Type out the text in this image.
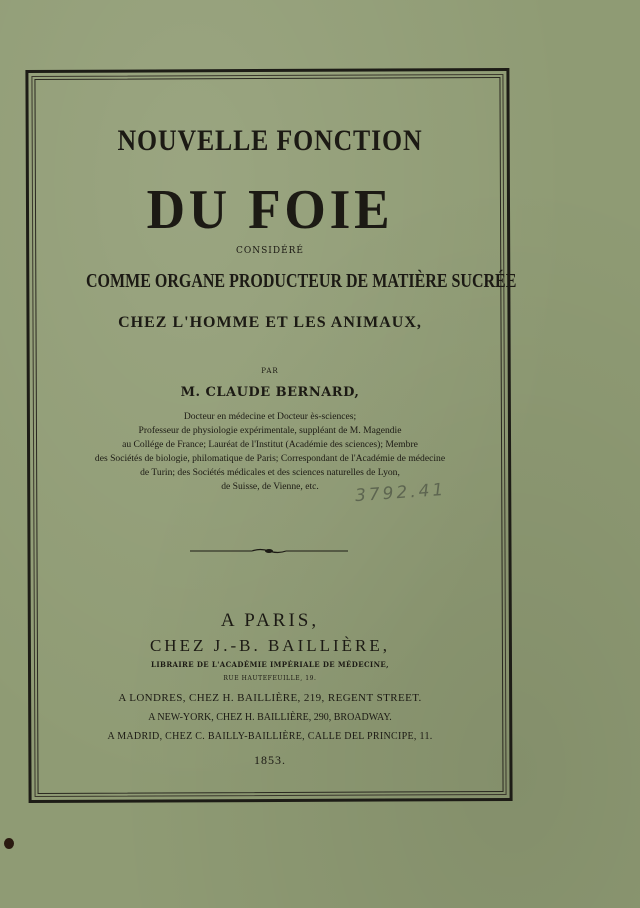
NOUVELLE FONCTION
DU FOIE
CONSIDÉRÉ
COMME ORGANE PRODUCTEUR DE MATIÈRE SUCRÉE
CHEZ L'HOMME ET LES ANIMAUX,
PAR
M. CLAUDE BERNARD,
Docteur en médecine et Docteur ès-sciences;
Professeur de physiologie expérimentale, suppléant de M. Magendie
au Collége de France; Lauréat de l'Institut (Académie des sciences); Membre
des Sociétés de biologie, philomatique de Paris; Correspondant de l'Académie de médecine
de Turin; des Sociétés médicales et des sciences naturelles de Lyon,
de Suisse, de Vienne, etc.
A PARIS,
CHEZ J.-B. BAILLIÈRE,
LIBRAIRE DE L'ACADÉMIE IMPÉRIALE DE MÉDECINE,
RUE HAUTEFEUILLE, 19.
A LONDRES, CHEZ H. BAILLIÈRE, 219, REGENT STREET.
A NEW-YORK, CHEZ H. BAILLIÈRE, 290, BROADWAY.
A MADRID, CHEZ C. BAILLY-BAILLIÈRE, CALLE DEL PRINCIPE, 11.
1853.
3792.41
